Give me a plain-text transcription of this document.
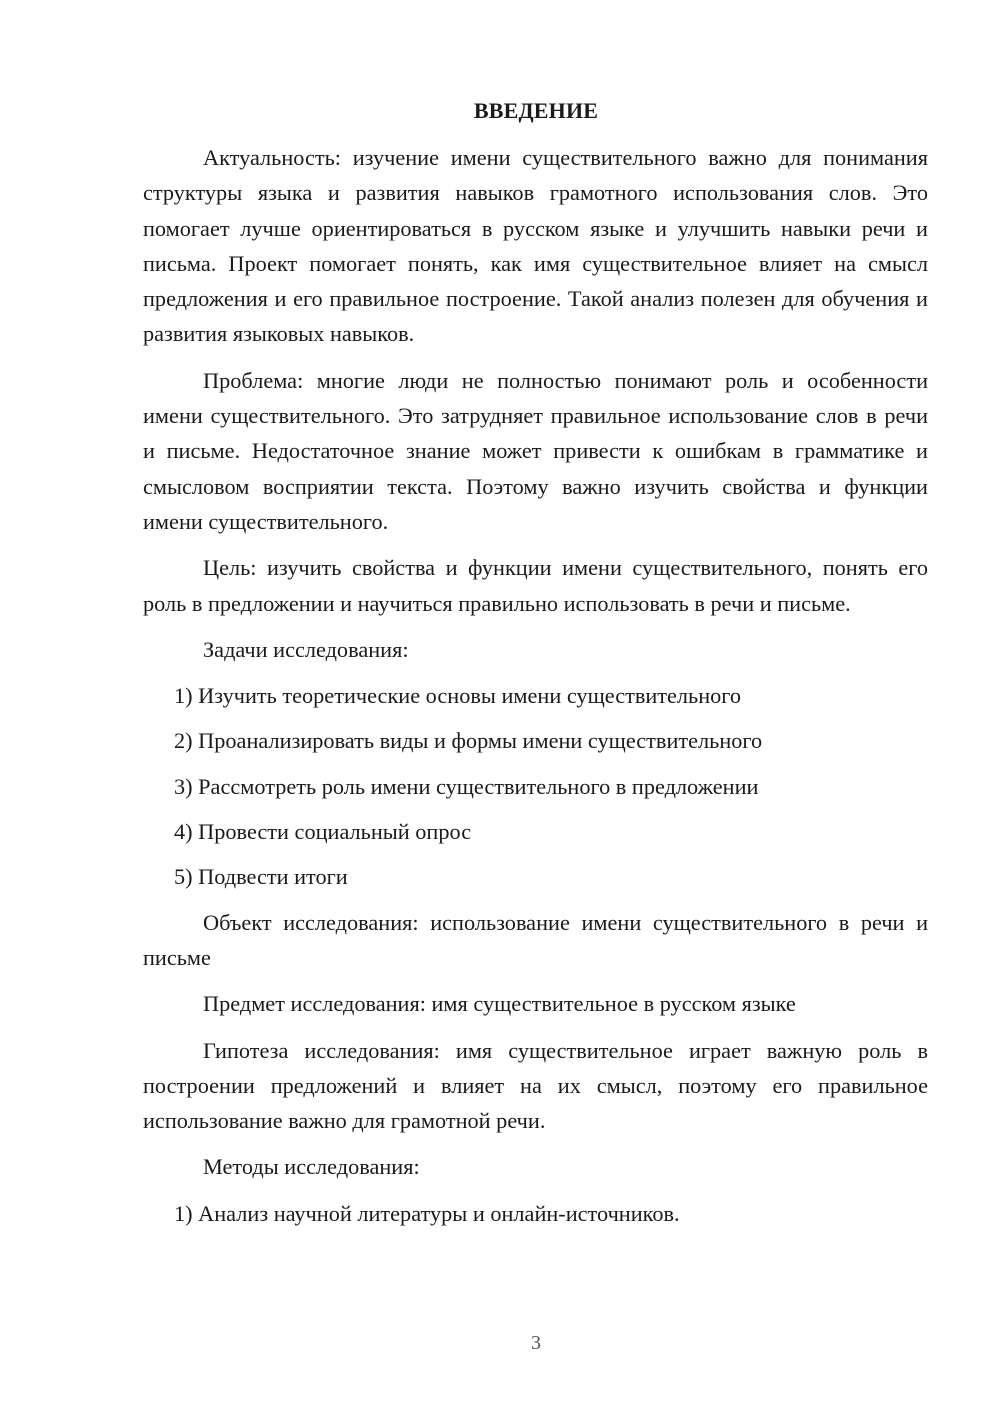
ВВЕДЕНИЕ

Актуальность: изучение имени существительного важно для понимания структуры языка и развития навыков грамотного использования слов. Это помогает лучше ориентироваться в русском языке и улучшить навыки речи и письма. Проект помогает понять, как имя существительное влияет на смысл предложения и его правильное построение. Такой анализ полезен для обучения и развития языковых навыков.

Проблема: многие люди не полностью понимают роль и особенности имени существительного. Это затрудняет правильное использование слов в речи и письме. Недостаточное знание может привести к ошибкам в грамматике и смысловом восприятии текста. Поэтому важно изучить свойства и функции имени существительного.

Цель: изучить свойства и функции имени существительного, понять его роль в предложении и научиться правильно использовать в речи и письме.

Задачи исследования:

1) Изучить теоретические основы имени существительного

2) Проанализировать виды и формы имени существительного

3) Рассмотреть роль имени существительного в предложении

4) Провести социальный опрос

5) Подвести итоги

Объект исследования: использование имени существительного в речи и письме

Предмет исследования: имя существительное в русском языке

Гипотеза исследования: имя существительное играет важную роль в построении предложений и влияет на их смысл, поэтому его правильное использование важно для грамотной речи.

Методы исследования:

1) Анализ научной литературы и онлайн-источников.

3
